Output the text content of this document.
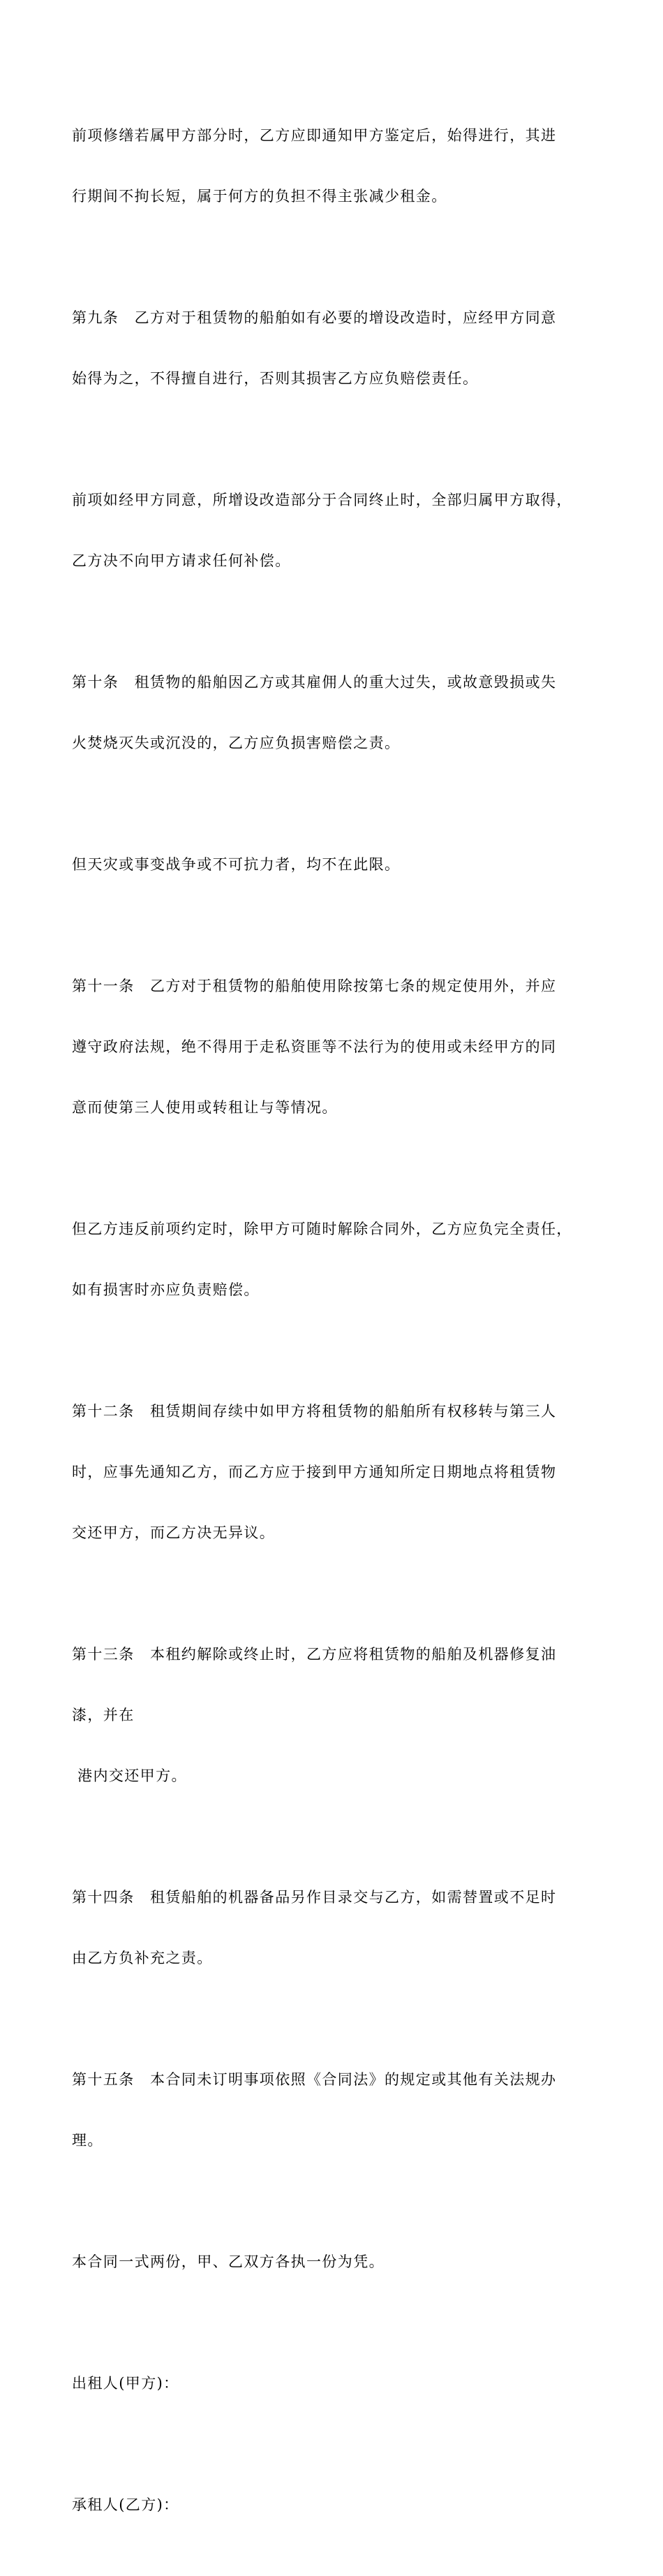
前项修缮若属甲方部分时，乙方应即通知甲方鉴定后，始得进行，其进

行期间不拘长短，属于何方的负担不得主张减少租金。

第九条　乙方对于租赁物的船舶如有必要的增设改造时，应经甲方同意

始得为之，不得擅自进行，否则其损害乙方应负赔偿责任。

前项如经甲方同意，所增设改造部分于合同终止时，全部归属甲方取得，

乙方决不向甲方请求任何补偿。

第十条　租赁物的船舶因乙方或其雇佣人的重大过失，或故意毁损或失

火焚烧灭失或沉没的，乙方应负损害赔偿之责。

但天灾或事变战争或不可抗力者，均不在此限。

第十一条　乙方对于租赁物的船舶使用除按第七条的规定使用外，并应

遵守政府法规，绝不得用于走私资匪等不法行为的使用或未经甲方的同

意而使第三人使用或转租让与等情况。

但乙方违反前项约定时，除甲方可随时解除合同外，乙方应负完全责任，

如有损害时亦应负责赔偿。

第十二条　租赁期间存续中如甲方将租赁物的船舶所有权移转与第三人

时，应事先通知乙方，而乙方应于接到甲方通知所定日期地点将租赁物

交还甲方，而乙方决无异议。

第十三条　本租约解除或终止时，乙方应将租赁物的船舶及机器修复油

漆，并在

港内交还甲方。

第十四条　租赁船舶的机器备品另作目录交与乙方，如需替置或不足时

由乙方负补充之责。

第十五条　本合同未订明事项依照《合同法》的规定或其他有关法规办

理。

本合同一式两份，甲、乙双方各执一份为凭。

出租人(甲方)：

承租人(乙方)：
